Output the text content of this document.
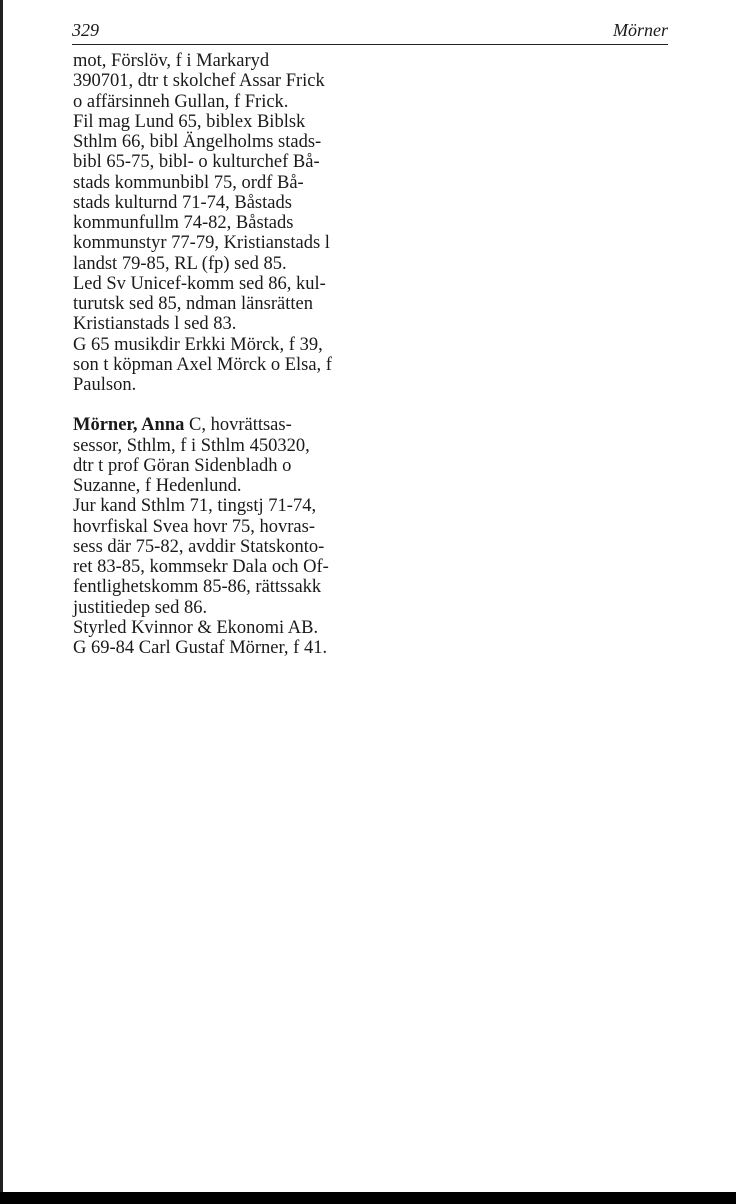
329	Mörner
mot, Förslöv, f i Markaryd
390701, dtr t skolchef Assar Frick
o affärsinneh Gullan, f Frick.
Fil mag Lund 65, biblex Biblsk
Sthlm 66, bibl Ängelholms stads-
bibl 65-75, bibl- o kulturchef Bå-
stads kommunbibl 75, ordf Bå-
stads kulturnd 71-74, Båstads
kommunfullm 74-82, Båstads
kommunstyr 77-79, Kristianstads l
landst 79-85, RL (fp) sed 85.
Led Sv Unicef-komm sed 86, kul-
turutsk sed 85, ndman länsrätten
Kristianstads l sed 83.
G 65 musikdir Erkki Mörck, f 39,
son t köpman Axel Mörck o Elsa, f
Paulson.
Mörner, Anna C, hovrättsas-
sessor, Sthlm, f i Sthlm 450320,
dtr t prof Göran Sidenbladh o
Suzanne, f Hedenlund.
Jur kand Sthlm 71, tingstj 71-74,
hovrfiskal Svea hovr 75, hovras-
sess där 75-82, avddir Statskonto-
ret 83-85, kommsekr Dala och Of-
fentlighetskomm 85-86, rättssakk
justitiedep sed 86.
Styrled Kvinnor & Ekonomi AB.
G 69-84 Carl Gustaf Mörner, f 41.
